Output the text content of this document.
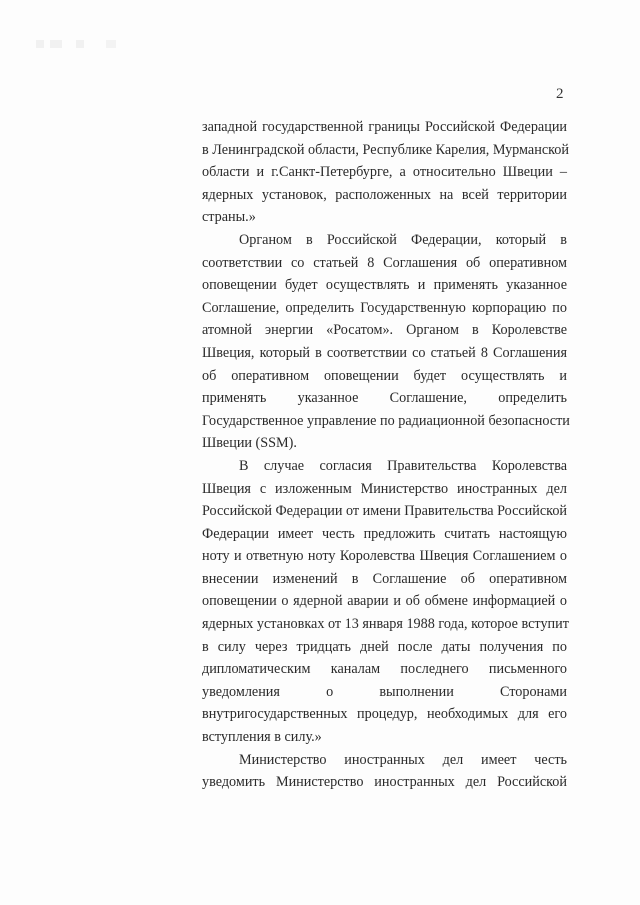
2
западной государственной границы Российской Федерации
в Ленинградской области, Республике Карелия, Мурманской
области и г.Санкт-Петербурге, а относительно Швеции –
ядерных установок, расположенных на всей территории
страны.»
Органом в Российской Федерации, который в
соответствии со статьей 8 Соглашения об оперативном
оповещении будет осуществлять и применять указанное
Соглашение, определить Государственную корпорацию по
атомной энергии «Росатом». Органом в Королевстве
Швеция, который в соответствии со статьей 8 Соглашения
об оперативном оповещении будет осуществлять и
применять указанное Соглашение, определить
Государственное управление по радиационной безопасности
Швеции (SSM).
В случае согласия Правительства Королевства
Швеция с изложенным Министерство иностранных дел
Российской Федерации от имени Правительства Российской
Федерации имеет честь предложить считать настоящую
ноту и ответную ноту Королевства Швеция Соглашением о
внесении изменений в Соглашение об оперативном
оповещении о ядерной аварии и об обмене информацией о
ядерных установках от 13 января 1988 года, которое вступит
в силу через тридцать дней после даты получения по
дипломатическим каналам последнего письменного
уведомления о выполнении Сторонами
внутригосударственных процедур, необходимых для его
вступления в силу.»
Министерство иностранных дел имеет честь
уведомить Министерство иностранных дел Российской
